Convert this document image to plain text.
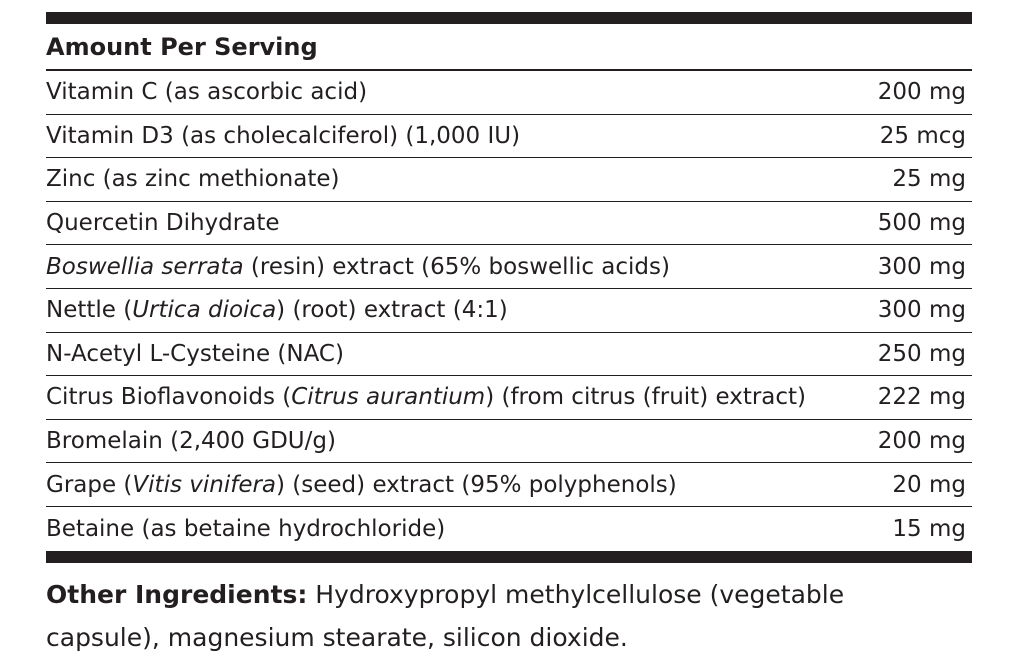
Amount Per Serving
Vitamin C (as ascorbic acid)	200 mg
Vitamin D3 (as cholecalciferol) (1,000 IU)	25 mcg
Zinc (as zinc methionate)	25 mg
Quercetin Dihydrate	500 mg
Boswellia serrata (resin) extract (65% boswellic acids)	300 mg
Nettle (Urtica dioica) (root) extract (4:1)	300 mg
N-Acetyl L-Cysteine (NAC)	250 mg
Citrus Bioflavonoids (Citrus aurantium) (from citrus (fruit) extract)	222 mg
Bromelain (2,400 GDU/g)	200 mg
Grape (Vitis vinifera) (seed) extract (95% polyphenols)	20 mg
Betaine (as betaine hydrochloride)	15 mg
Other Ingredients: Hydroxypropyl methylcellulose (vegetable capsule), magnesium stearate, silicon dioxide.
